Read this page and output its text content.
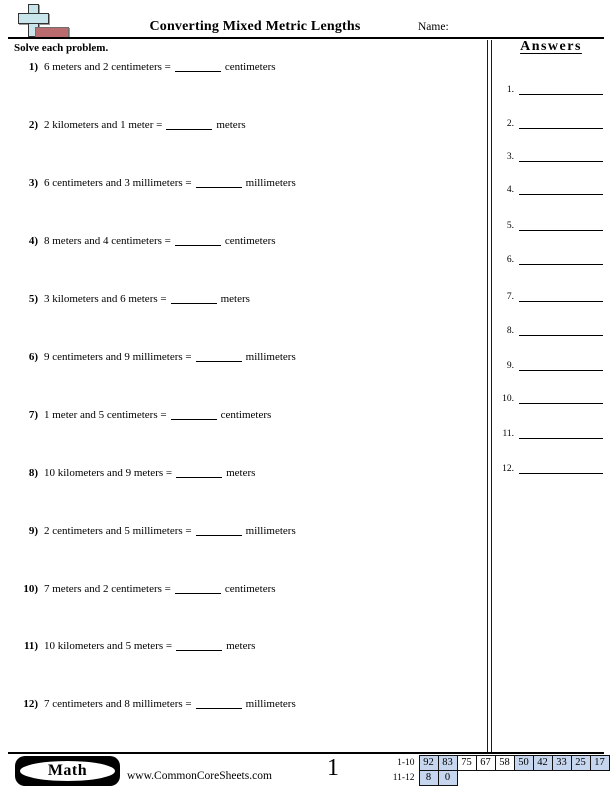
Converting Mixed Metric Lengths	Name:
Solve each problem.
1) 6 meters and 2 centimeters =	centimeters
2) 2 kilometers and 1 meter =	meters
3) 6 centimeters and 3 millimeters =	millimeters
4) 8 meters and 4 centimeters =	centimeters
5) 3 kilometers and 6 meters =	meters
6) 9 centimeters and 9 millimeters =	millimeters
7) 1 meter and 5 centimeters =	centimeters
8) 10 kilometers and 9 meters =	meters
9) 2 centimeters and 5 millimeters =	millimeters
10) 7 meters and 2 centimeters =	centimeters
11) 10 kilometers and 5 meters =	meters
12) 7 centimeters and 8 millimeters =	millimeters
Answers
1.
2.
3.
4.
5.
6.
7.
8.
9.
10.
11.
12.
Math	www.CommonCoreSheets.com	1	1-10	92	83	75	67	58	50	42	33	25	17
11-12	8	0								
